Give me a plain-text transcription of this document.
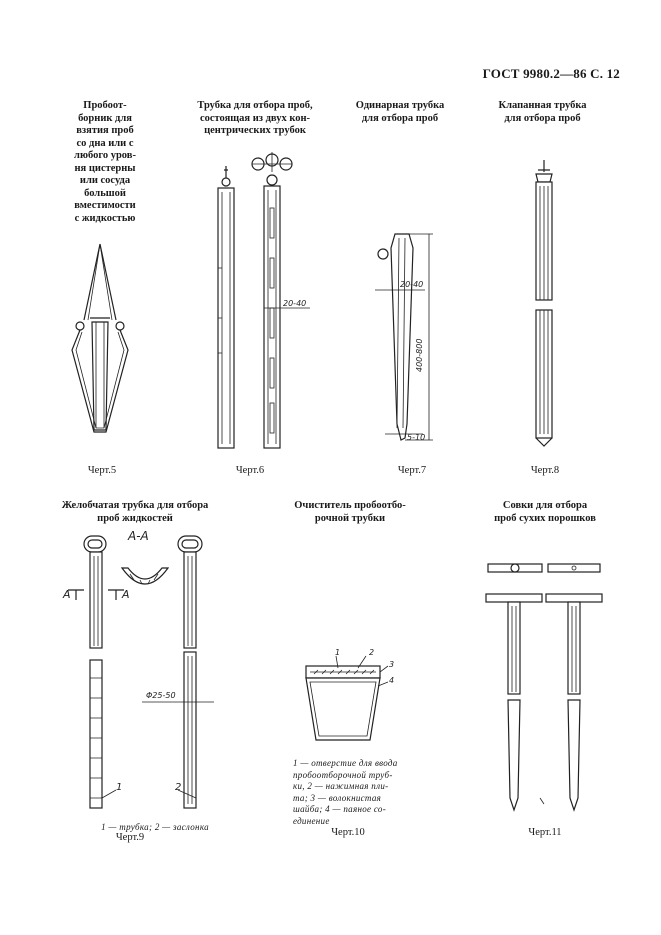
ГОСТ 9980.2—86 С. 12
Пробоот-
борник для
взятия проб
со дна или с
любого уров-
ня цистерны
или сосуда
большой
вместимости
с жидкостью
Черт.5
Трубка для отбора проб,
состоящая из двух кон-
центрических трубок
20-40
Черт.6
Одинарная трубка
для отбора проб
20-40
400-800
5-10
Черт.7
Клапанная трубка
для отбора проб
Черт.8
Желобчатая трубка для отбора
проб жидкостей
А-А
А	А
Φ25-50
1	2
1 — трубка; 2 — заслонка
Черт.9
Очиститель пробоотбо-
рочной трубки
1	2
3
4
1 — отверстие для ввода
пробоотборочной труб-
ки, 2 — нажимная пли-
та; 3 — волокнистая
шайба; 4 — паяное со-
единение
Черт.10
Совки для отбора
проб сухих порошков
Черт.11
